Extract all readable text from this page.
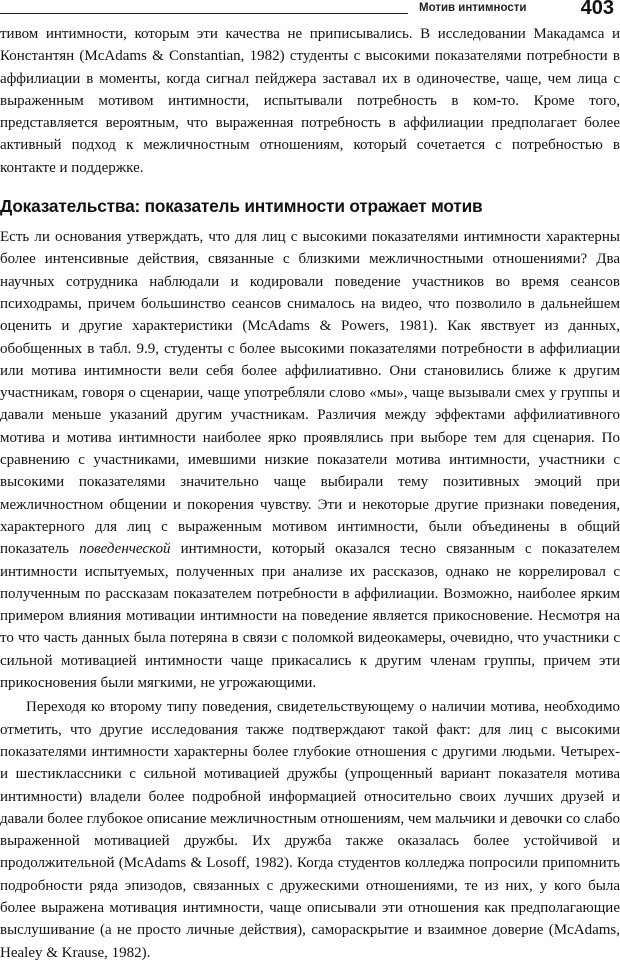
Мотив интимности	403

тивом интимности, которым эти качества не приписывались. В исследовании Макадамса и Константян (McAdams & Constantian, 1982) студенты с высокими показателями потребности в аффилиации в моменты, когда сигнал пейджера заставал их в одиночестве, чаще, чем лица с выраженным мотивом интимности, испытывали потребность в ком-то. Кроме того, представляется вероятным, что выраженная потребность в аффилиации предполагает более активный подход к межличностным отношениям, который сочетается с потребностью в контакте и поддержке.

Доказательства: показатель интимности отражает мотив

Есть ли основания утверждать, что для лиц с высокими показателями интимности характерны более интенсивные действия, связанные с близкими межличностными отношениями? Два научных сотрудника наблюдали и кодировали поведение участников во время сеансов психодрамы, причем большинство сеансов снималось на видео, что позволило в дальнейшем оценить и другие характеристики (McAdams & Powers, 1981). Как явствует из данных, обобщенных в табл. 9.9, студенты с более высокими показателями потребности в аффилиации или мотива интимности вели себя более аффилиативно. Они становились ближе к другим участникам, говоря о сценарии, чаще употребляли слово «мы», чаще вызывали смех у группы и давали меньше указаний другим участникам. Различия между эффектами аффилиативного мотива и мотива интимности наиболее ярко проявлялись при выборе тем для сценария. По сравнению с участниками, имевшими низкие показатели мотива интимности, участники с высокими показателями значительно чаще выбирали тему позитивных эмоций при межличностном общении и покорения чувству. Эти и некоторые другие признаки поведения, характерного для лиц с выраженным мотивом интимности, были объединены в общий показатель поведенческой интимности, который оказался тесно связанным с показателем интимности испытуемых, полученных при анализе их рассказов, однако не коррелировал с полученным по рассказам показателем потребности в аффилиации. Возможно, наиболее ярким примером влияния мотивации интимности на поведение является прикосновение. Несмотря на то что часть данных была потеряна в связи с поломкой видеокамеры, очевидно, что участники с сильной мотивацией интимности чаще прикасались к другим членам группы, причем эти прикосновения были мягкими, не угрожающими.

Переходя ко второму типу поведения, свидетельствующему о наличии мотива, необходимо отметить, что другие исследования также подтверждают такой факт: для лиц с высокими показателями интимности характерны более глубокие отношения с другими людьми. Четырех- и шестиклассники с сильной мотивацией дружбы (упрощенный вариант показателя мотива интимности) владели более подробной информацией относительно своих лучших друзей и давали более глубокое описание межличностным отношениям, чем мальчики и девочки со слабо выраженной мотивацией дружбы. Их дружба также оказалась более устойчивой и продолжительной (McAdams & Losoff, 1982). Когда студентов колледжа попросили припомнить подробности ряда эпизодов, связанных с дружескими отношениями, те из них, у кого была более выражена мотивация интимности, чаще описывали эти отношения как предполагающие выслушивание (а не просто личные действия), самораскрытие и взаимное доверие (McAdams, Healey & Krause, 1982).
